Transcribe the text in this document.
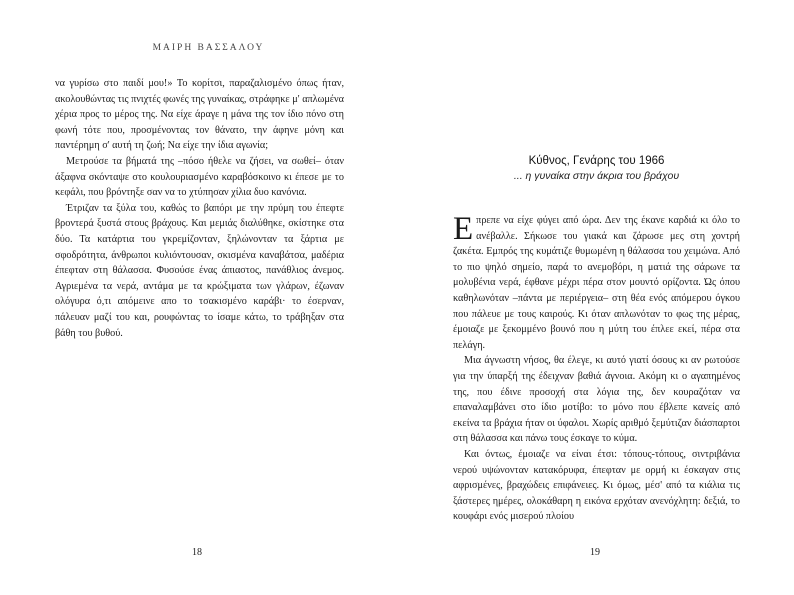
ΜΑΙΡΗ ΒΑΣΣΑΛΟΥ

να γυρίσω στο παιδί μου!» Το κορίτσι, παραζαλισμένο όπως ήταν, ακολουθώντας τις πνιχτές φωνές της γυναίκας, στράφηκε μ' απλωμένα χέρια προς το μέρος της. Να είχε άραγε η μάνα της τον ίδιο πόνο στη φωνή τότε που, προσμένοντας τον θάνατο, την άφηνε μόνη και παντέρημη σ' αυτή τη ζωή; Να είχε την ίδια αγωνία;

Μετρούσε τα βήματά της –πόσο ήθελε να ζήσει, να σωθεί– όταν άξαφνα σκόνταψε στο κουλουριασμένο καραβόσκοινο κι έπεσε με το κεφάλι, που βρόντηξε σαν να το χτύπησαν χίλια δυο κανόνια.

Έτριζαν τα ξύλα του, καθώς το βαπόρι με την πρύμη του έπεφτε βροντερά ξυστά στους βράχους. Και μεμιάς διαλύθηκε, σκίστηκε στα δύο. Τα κατάρτια του γκρεμίζονταν, ξηλώνονταν τα ξάρτια με σφοδρότητα, άνθρωποι κυλιόντουσαν, σκισμένα καναβάτσα, μαδέρια έπεφταν στη θάλασσα. Φυσούσε ένας άπιαστος, πανάθλιος άνεμος. Αγριεμένα τα νερά, αντάμα με τα κρώξιματα των γλάρων, έζωναν ολόγυρα ό,τι απόμεινε απο το τσακισμένο καράβι· το έσερναν, πάλευαν μαζί του και, ρουφώντας το ίσαμε κάτω, το τράβηξαν στα βάθη του βυθού.

18
Κύθνος, Γενάρης του 1966
... η γυναίκα στην άκρια του βράχου

Επρεπε να είχε φύγει από ώρα. Δεν της έκανε καρδιά κι όλο το ανέβαλλε. Σήκωσε του γιακά και ζάρωσε μες στη χοντρή ζακέτα. Εμπρός της κυμάτιζε θυμωμένη η θάλασσα του χειμώνα. Από το πιο ψηλό σημείο, παρά το ανεμοβόρι, η ματιά της σάρωνε τα μολυβένια νερά, έφθανε μέχρι πέρα στον μουντό ορίζοντα. Ώς όπου καθηλωνόταν –πάντα με περιέργεια– στη θέα ενός απόμερου όγκου που πάλευε με τους καιρούς. Κι όταν απλωνόταν το φως της μέρας, έμοιαζε με ξεκομμένο βουνό που η μύτη του έπλεε εκεί, πέρα στα πελάγη.

Μια άγνωστη νήσος, θα έλεγε, κι αυτό γιατί όσους κι αν ρωτούσε για την ύπαρξή της έδειχναν βαθιά άγνοια. Ακόμη κι ο αγαπημένος της, που έδινε προσοχή στα λόγια της, δεν κουραζόταν να επαναλαμβάνει στο ίδιο μοτίβο: το μόνο που έβλεπε κανείς από εκείνα τα βράχια ήταν οι ύφαλοι. Χωρίς αριθμό ξεμύτιζαν διάσπαρτοι στη θάλασσα και πάνω τους έσκαγε το κύμα.

Και όντως, έμοιαζε να είναι έτσι: τόπους-τόπους, σιντριβάνια νερού υψώνονταν κατακόρυφα, έπεφταν με ορμή κι έσκαγαν στις αφρισμένες, βραχώδεις επιφάνειες. Κι όμως, μέσ' από τα κιάλια τις ξάστερες ημέρες, ολοκάθαρη η εικόνα ερχόταν ανενόχλητη: δεξιά, το κουφάρι ενός μισερού πλοίου

19
